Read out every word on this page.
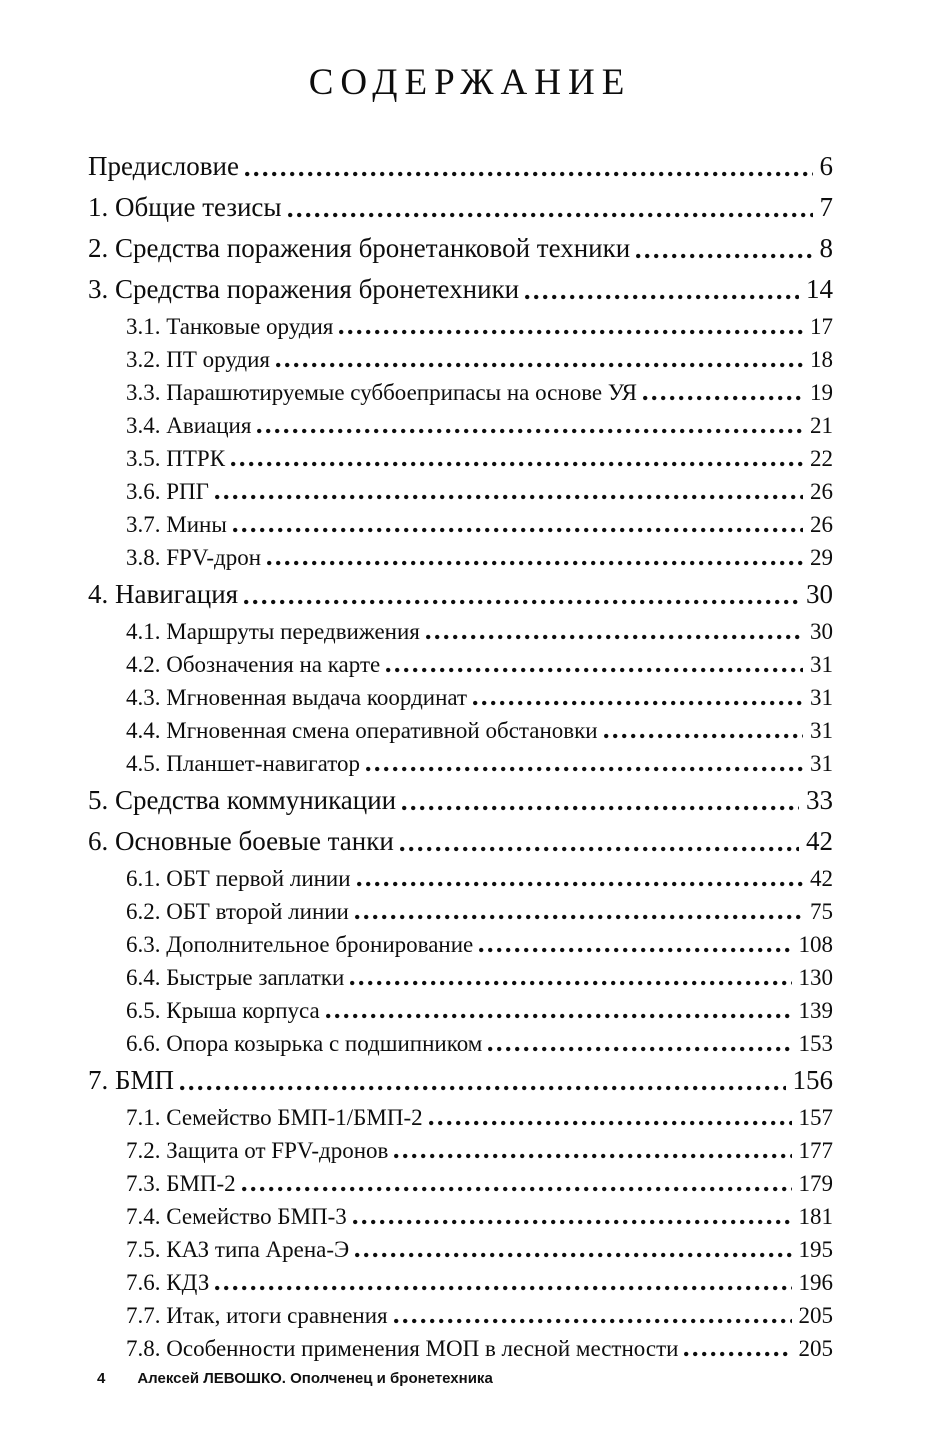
СОДЕРЖАНИЕ
Предисловие	6
1. Общие тезисы	7
2. Средства поражения бронетанковой техники	8
3. Средства поражения бронетехники	14
3.1. Танковые орудия	17
3.2. ПТ орудия	18
3.3. Парашютируемые суббоеприпасы на основе УЯ	19
3.4. Авиация	21
3.5. ПТРК	22
3.6. РПГ	26
3.7. Мины	26
3.8. FPV-дрон	29
4. Навигация	30
4.1. Маршруты передвижения	30
4.2. Обозначения на карте	31
4.3. Мгновенная выдача координат	31
4.4. Мгновенная смена оперативной обстановки	31
4.5. Планшет-навигатор	31
5. Средства коммуникации	33
6. Основные боевые танки	42
6.1. ОБТ первой линии	42
6.2. ОБТ второй линии	75
6.3. Дополнительное бронирование	108
6.4. Быстрые заплатки	130
6.5. Крыша корпуса	139
6.6. Опора козырька с подшипником	153
7. БМП	156
7.1. Семейство БМП-1/БМП-2	157
7.2. Защита от FPV-дронов	177
7.3. БМП-2	179
7.4. Семейство БМП-3	181
7.5. КАЗ типа Арена-Э	195
7.6. КДЗ	196
7.7. Итак, итоги сравнения	205
7.8. Особенности применения МОП в лесной местности	205
4 Алексей ЛЕВОШКО. Ополченец и бронетехника
